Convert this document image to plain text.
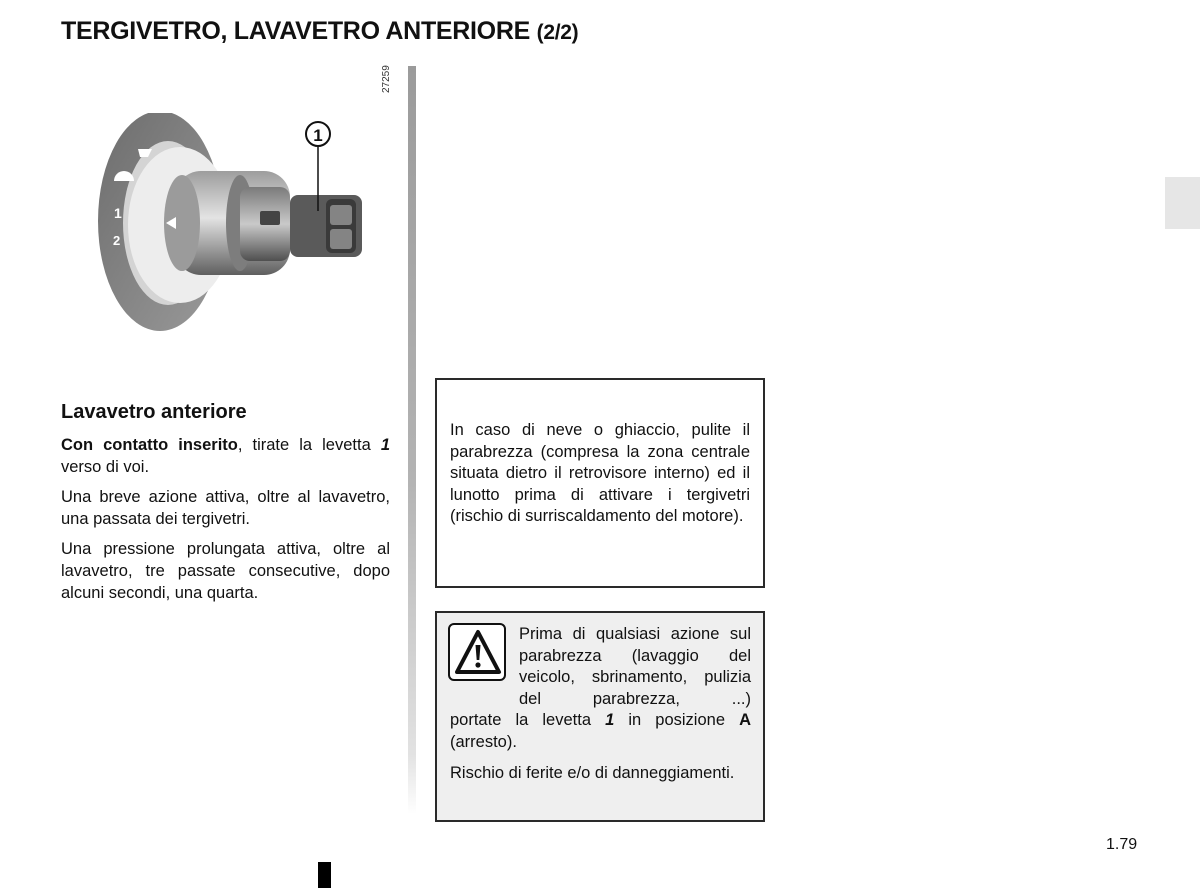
TERGIVETRO, LAVAVETRO ANTERIORE (2/2)
27259
1
2
1
Lavavetro anteriore
Con contatto inserito, tirate la levetta 1 verso di voi.
Una breve azione attiva, oltre al lavavetro, una passata dei tergivetri.
Una pressione prolungata attiva, oltre al lavavetro, tre passate consecutive, dopo alcuni secondi, una quarta.
In caso di neve o ghiaccio, pulite il parabrezza (compresa la zona centrale situata dietro il retrovisore interno) ed il lunotto prima di attivare i tergivetri (rischio di surriscaldamento del motore).
Prima di qualsiasi azione sul parabrezza (lavaggio del veicolo, sbrinamento, pulizia del parabrezza, ...)
portate la levetta 1 in posizione A (arresto).
Rischio di ferite e/o di danneggiamenti.
1.79
